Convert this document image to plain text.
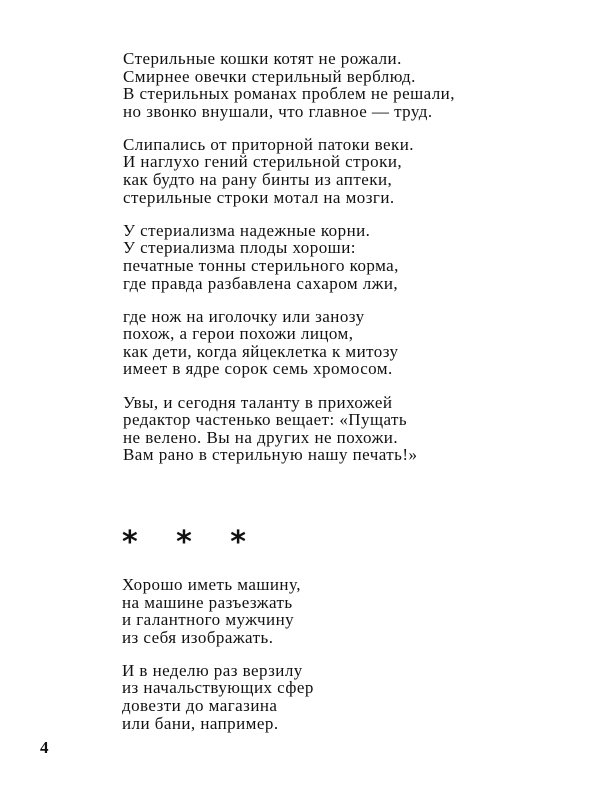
Стерильные кошки котят не рожали.
Смирнее овечки стерильный верблюд.
В стерильных романах проблем не решали,
но звонко внушали, что главное — труд.
Слипались от приторной патоки веки.
И наглухо гений стерильной строки,
как будто на рану бинты из аптеки,
стерильные строки мотал на мозги.
У стериализма надежные корни.
У стериализма плоды хороши:
печатные тонны стерильного корма,
где правда разбавлена сахаром лжи,
где нож на иголочку или занозу
похож, а герои похожи лицом,
как дети, когда яйцеклетка к митозу
имеет в ядре сорок семь хромосом.
Увы, и сегодня таланту в прихожей
редактор частенько вещает: «Пущать
не велено. Вы на других не похожи.
Вам рано в стерильную нашу печать!»
* * *
Хорошо иметь машину,
на машине разъезжать
и галантного мужчину
из себя изображать.
И в неделю раз верзилу
из начальствующих сфер
довезти до магазина
или бани, например.
4
